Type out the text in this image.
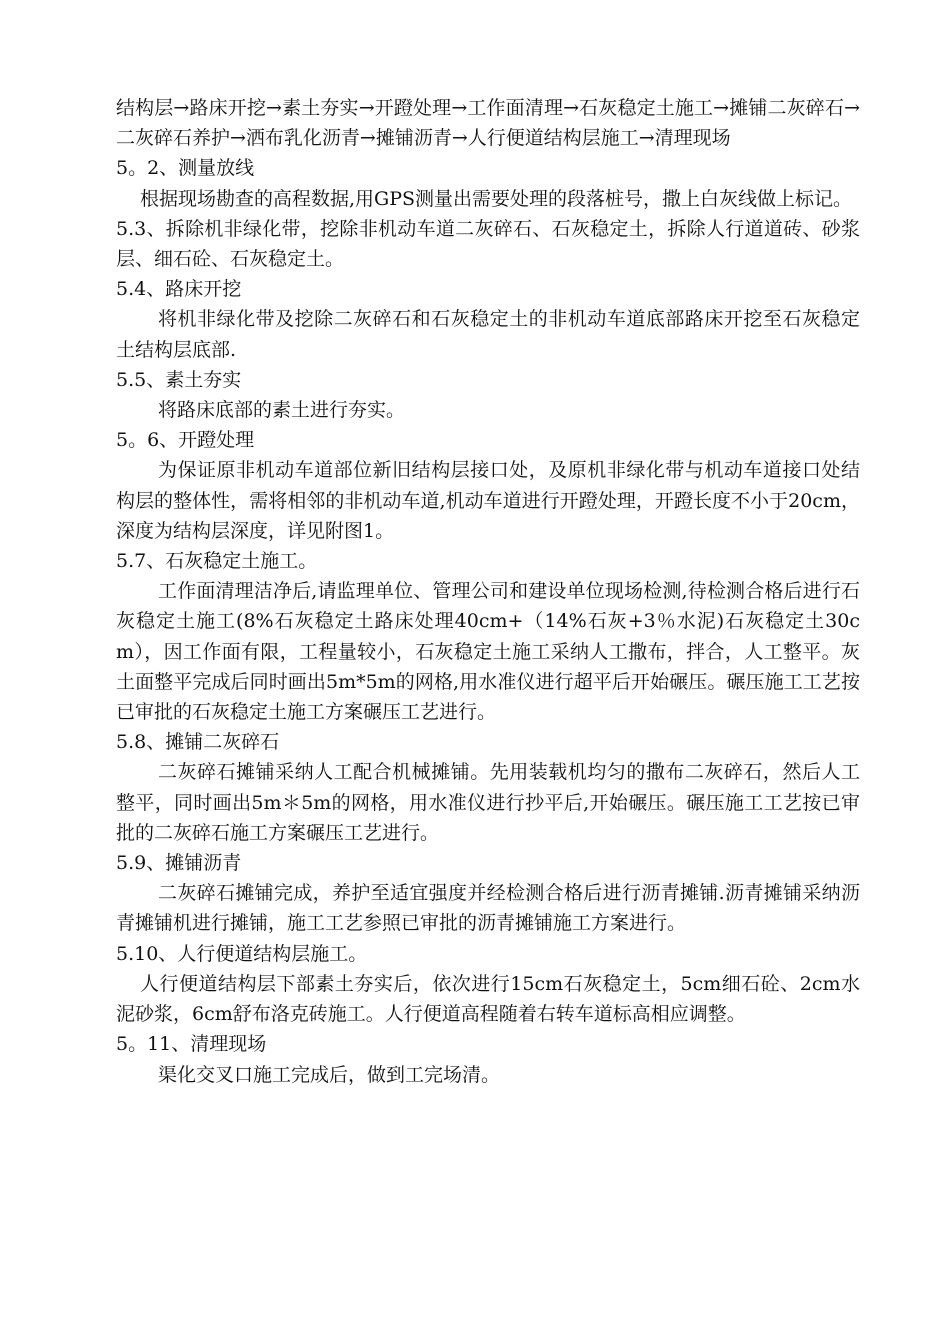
结构层→路床开挖→素土夯实→开蹬处理→工作面清理→石灰稳定土施工→摊铺二灰碎石→二灰碎石养护→洒布乳化沥青→摊铺沥青→人行便道结构层施工→清理现场

5。2、测量放线

根据现场勘查的高程数据,用GPS测量出需要处理的段落桩号，撒上白灰线做上标记。

5.3、拆除机非绿化带，挖除非机动车道二灰碎石、石灰稳定土，拆除人行道道砖、砂浆层、细石砼、石灰稳定土。

5.4、路床开挖

将机非绿化带及挖除二灰碎石和石灰稳定土的非机动车道底部路床开挖至石灰稳定土结构层底部.

5.5、素土夯实

将路床底部的素土进行夯实。

5。6、开蹬处理

为保证原非机动车道部位新旧结构层接口处，及原机非绿化带与机动车道接口处结构层的整体性，需将相邻的非机动车道,机动车道进行开蹬处理，开蹬长度不小于20cm，深度为结构层深度，详见附图1。

5.7、石灰稳定土施工。

工作面清理洁净后,请监理单位、管理公司和建设单位现场检测,待检测合格后进行石灰稳定土施工(8%石灰稳定土路床处理40cm+（14%石灰+3％水泥)石灰稳定土30cm），因工作面有限，工程量较小，石灰稳定土施工采纳人工撒布，拌合，人工整平。灰土面整平完成后同时画出5m*5m的网格,用水准仪进行超平后开始碾压。碾压施工工艺按已审批的石灰稳定土施工方案碾压工艺进行。

5.8、摊铺二灰碎石

二灰碎石摊铺采纳人工配合机械摊铺。先用装载机均匀的撒布二灰碎石，然后人工整平，同时画出5m＊5m的网格，用水准仪进行抄平后,开始碾压。碾压施工工艺按已审批的二灰碎石施工方案碾压工艺进行。

5.9、摊铺沥青

二灰碎石摊铺完成，养护至适宜强度并经检测合格后进行沥青摊铺.沥青摊铺采纳沥青摊铺机进行摊铺，施工工艺参照已审批的沥青摊铺施工方案进行。

5.10、人行便道结构层施工。

人行便道结构层下部素土夯实后，依次进行15cm石灰稳定土，5cm细石砼、2cm水泥砂浆，6cm舒布洛克砖施工。人行便道高程随着右转车道标高相应调整。

5。11、清理现场

渠化交叉口施工完成后，做到工完场清。
